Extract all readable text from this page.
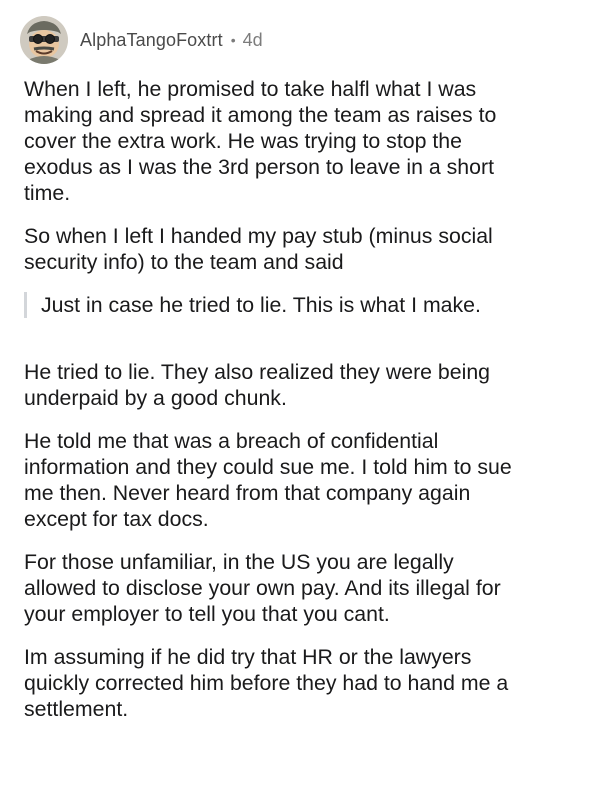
AlphaTangoFoxtrt • 4d

When I left, he promised to take halfl what I was
making and spread it among the team as raises to
cover the extra work. He was trying to stop the
exodus as I was the 3rd person to leave in a short
time.

So when I left I handed my pay stub (minus social
security info) to the team and said

Just in case he tried to lie. This is what I make.

He tried to lie. They also realized they were being
underpaid by a good chunk.

He told me that was a breach of confidential
information and they could sue me. I told him to sue
me then. Never heard from that company again
except for tax docs.

For those unfamiliar, in the US you are legally
allowed to disclose your own pay. And its illegal for
your employer to tell you that you cant.

Im assuming if he did try that HR or the lawyers
quickly corrected him before they had to hand me a
settlement.
